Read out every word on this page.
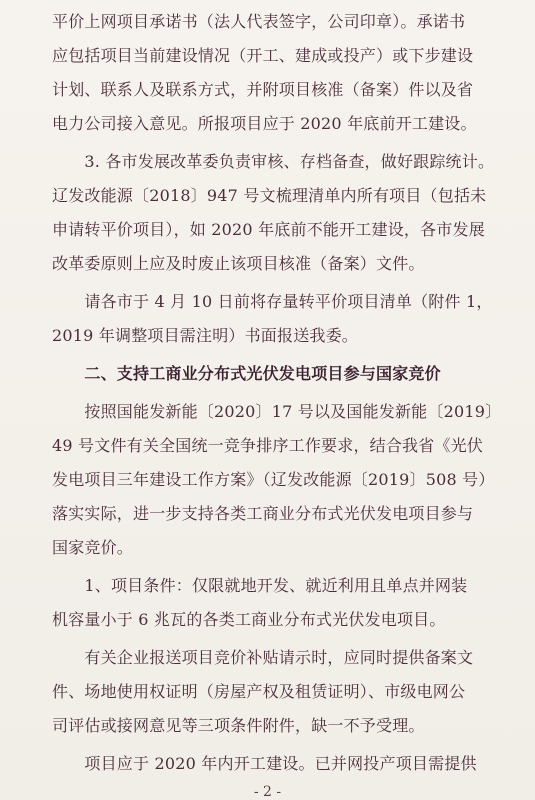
平价上网项目承诺书（法人代表签字，公司印章）。承诺书
应包括项目当前建设情况（开工、建成或投产）或下步建设
计划、联系人及联系方式，并附项目核准（备案）件以及省
电力公司接入意见。所报项目应于 2020 年底前开工建设。
　　3. 各市发展改革委负责审核、存档备查，做好跟踪统计。
辽发改能源〔2018〕947 号文梳理清单内所有项目（包括未
申请转平价项目），如 2020 年底前不能开工建设，各市发展
改革委原则上应及时废止该项目核准（备案）文件。
　　请各市于 4 月 10 日前将存量转平价项目清单（附件 1，
2019 年调整项目需注明）书面报送我委。
　　二、支持工商业分布式光伏发电项目参与国家竞价
　　按照国能发新能〔2020〕17 号以及国能发新能〔2019〕
49 号文件有关全国统一竞争排序工作要求，结合我省《光伏
发电项目三年建设工作方案》（辽发改能源〔2019〕508 号）
落实实际，进一步支持各类工商业分布式光伏发电项目参与
国家竞价。
　　1、项目条件：仅限就地开发、就近利用且单点并网装
机容量小于 6 兆瓦的各类工商业分布式光伏发电项目。
　　有关企业报送项目竞价补贴请示时，应同时提供备案文
件、场地使用权证明（房屋产权及租赁证明）、市级电网公
司评估或接网意见等三项条件附件，缺一不予受理。
　　项目应于 2020 年内开工建设。已并网投产项目需提供
- 2 -
